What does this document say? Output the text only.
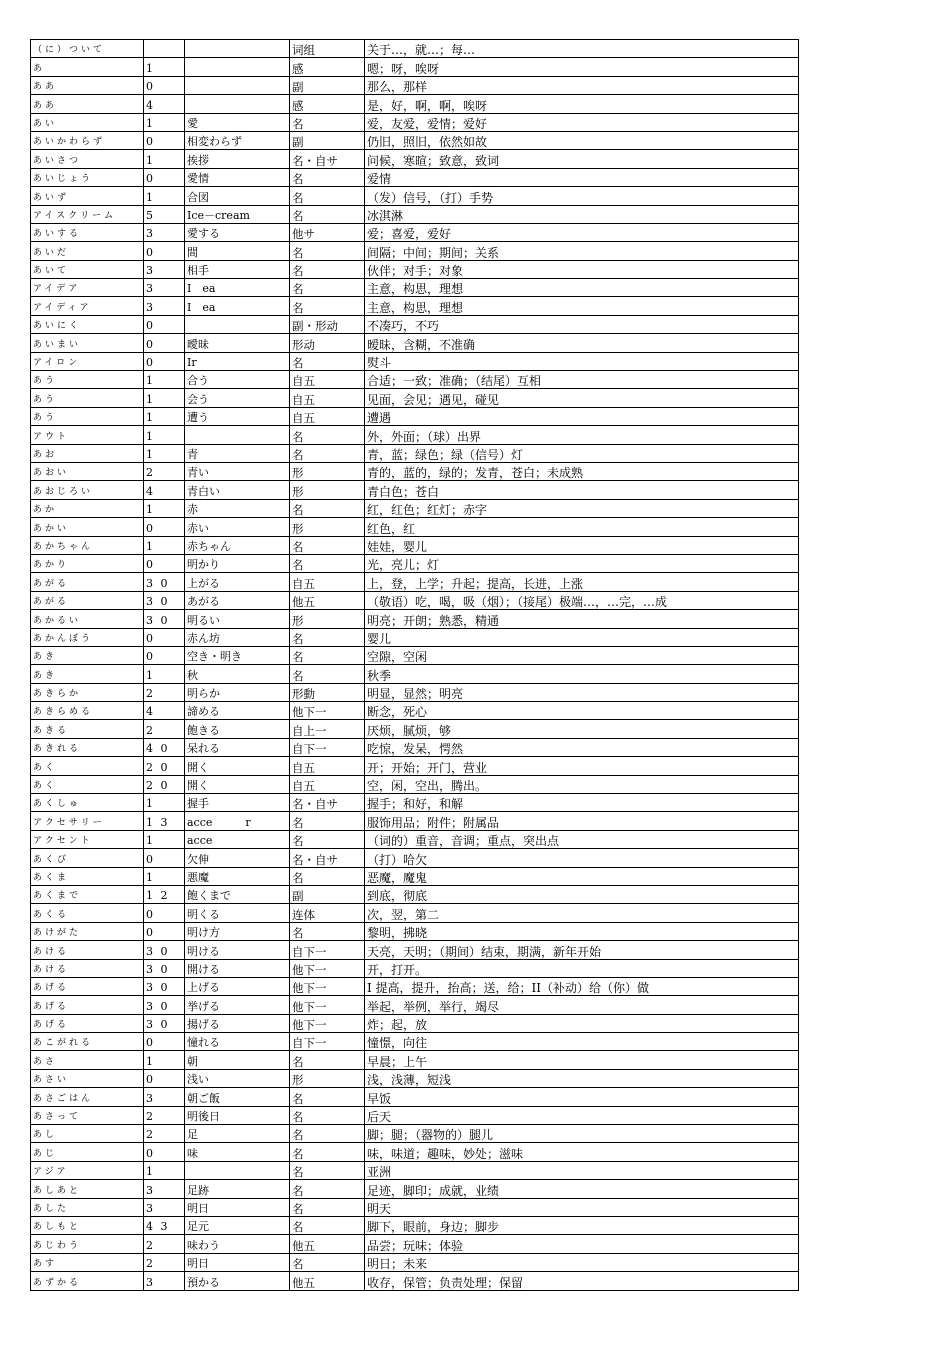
（に）ついて			词组	关于…，就…；每…
あ	1		感	嗯；呀，唉呀
ああ	0		副	那么，那样
ああ	4		感	是，好，啊，啊，唉呀
あい	1	愛	名	爱，友爱，爱情；爱好
あいかわらず	0	相変わらず	副	仍旧，照旧，依然如故
あいさつ	1	挨拶	名・自サ	问候，寒暄；致意，致词
あいじょう	0	愛情	名	爱情
あいず	1	合図	名	（发）信号，（打）手势
アイスクリーム	5	Ice－cream	名	冰淇淋
あいする	3	愛する	他サ	爱；喜爱，爱好
あいだ	0	間	名	间隔；中间；期间；关系
あいて	3	相手	名	伙伴；对手；对象
アイデア	3	I　ea	名	主意，构思，理想
アイディア	3	I　ea	名	主意，构思，理想
あいにく	0		副・形动	不凑巧，不巧
あいまい	0	曖昧	形动	暧昧，含糊，不准确
アイロン	0	Ir	名	熨斗
あう	1	合う	自五	合适；一致；准确；（结尾）互相
あう	1	会う	自五	见面，会见；遇见，碰见
あう	1	遭う	自五	遭遇
アウト	1		名	外，外面；（球）出界
あお	1	青	名	青，蓝；绿色；绿（信号）灯
あおい	2	青い	形	青的，蓝的，绿的；发青，苍白；未成熟
あおじろい	4	青白い	形	青白色；苍白
あか	1	赤	名	红，红色；红灯；赤字
あかい	0	赤い	形	红色，红
あかちゃん	1	赤ちゃん	名	娃娃，婴儿
あかり	0	明かり	名	光，亮儿；灯
あがる	3 0	上がる	自五	上，登，上学；升起；提高，长进，上涨
あがる	3 0	あがる	他五	（敬语）吃，喝，吸（烟）；（接尾）极端…，…完，…成
あかるい	3 0	明るい	形	明亮；开朗；熟悉，精通
あかんぼう	0	赤ん坊	名	婴儿
あき	0	空き・明き	名	空隙，空闲
あき	1	秋	名	秋季
あきらか	2	明らか	形動	明显，显然；明亮
あきらめる	4	諦める	他下一	断念，死心
あきる	2	飽きる	自上一	厌烦，腻烦，够
あきれる	4 0	呆れる	自下一	吃惊，发呆，愕然
あく	2 0	開く	自五	开；开始；开门，营业
あく	2 0	開く	自五	空，闲，空出，腾出。
あくしゅ	1	握手	名・自サ	握手；和好，和解
アクセサリー	1 3	acce　　　r	名	服饰用品；附件；附属品
アクセント	1	acce	名	（词的）重音，音调；重点，突出点
あくび	0	欠伸	名・自サ	（打）哈欠
あくま	1	悪魔	名	恶魔，魔鬼
あくまで	1 2	飽くまで	副	到底，彻底
あくる	0	明くる	连体	次，翌，第二
あけがた	0	明け方	名	黎明，拂晓
あける	3 0	明ける	自下一	天亮，天明；（期间）结束，期满，新年开始
あける	3 0	開ける	他下一	开，打开。
あげる	3 0	上げる	他下一	I 提高，提升，抬高；送，给；II（补动）给（你）做
あげる	3 0	挙げる	他下一	举起，举例，举行，竭尽
あげる	3 0	揚げる	他下一	炸；起，放
あこがれる	0	憧れる	自下一	憧憬，向往
あさ	1	朝	名	早晨；上午
あさい	0	浅い	形	浅，浅薄，短浅
あさごはん	3	朝ご飯	名	早饭
あさって	2	明後日	名	后天
あし	2	足	名	脚；腿；（器物的）腿儿
あじ	0	味	名	味，味道；趣味，妙处；滋味
アジア	1		名	亚洲
あしあと	3	足跡	名	足迹，脚印；成就，业绩
あした	3	明日	名	明天
あしもと	4 3	足元	名	脚下，眼前，身边；脚步
あじわう	2	味わう	他五	品尝；玩味；体验
あす	2	明日	名	明日；未来
あずかる	3	預かる	他五	收存，保管；负责处理；保留
